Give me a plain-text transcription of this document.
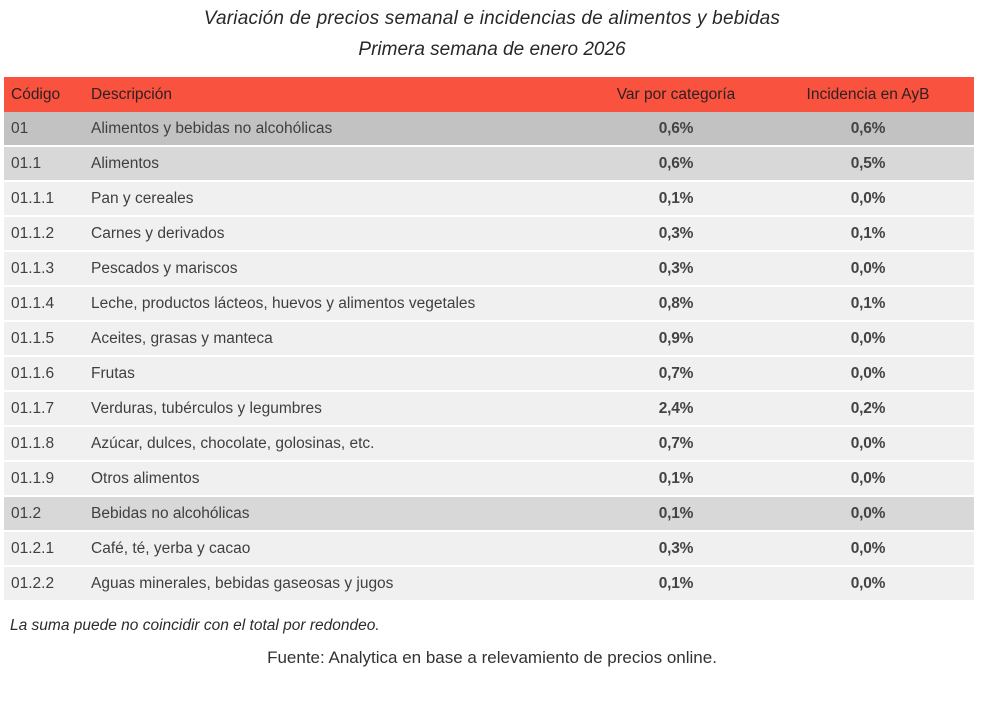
Variación de precios semanal e incidencias de alimentos y bebidas
Primera semana de enero 2026
Código	Descripción	Var por categoría	Incidencia en AyB
01	Alimentos y bebidas no alcohólicas	0,6%	0,6%
01.1	Alimentos	0,6%	0,5%
01.1.1	Pan y cereales	0,1%	0,0%
01.1.2	Carnes y derivados	0,3%	0,1%
01.1.3	Pescados y mariscos	0,3%	0,0%
01.1.4	Leche, productos lácteos, huevos y alimentos vegetales	0,8%	0,1%
01.1.5	Aceites, grasas y manteca	0,9%	0,0%
01.1.6	Frutas	0,7%	0,0%
01.1.7	Verduras, tubérculos y legumbres	2,4%	0,2%
01.1.8	Azúcar, dulces, chocolate, golosinas, etc.	0,7%	0,0%
01.1.9	Otros alimentos	0,1%	0,0%
01.2	Bebidas no alcohólicas	0,1%	0,0%
01.2.1	Café, té, yerba y cacao	0,3%	0,0%
01.2.2	Aguas minerales, bebidas gaseosas y jugos	0,1%	0,0%
La suma puede no coincidir con el total por redondeo.
Fuente: Analytica en base a relevamiento de precios online.
